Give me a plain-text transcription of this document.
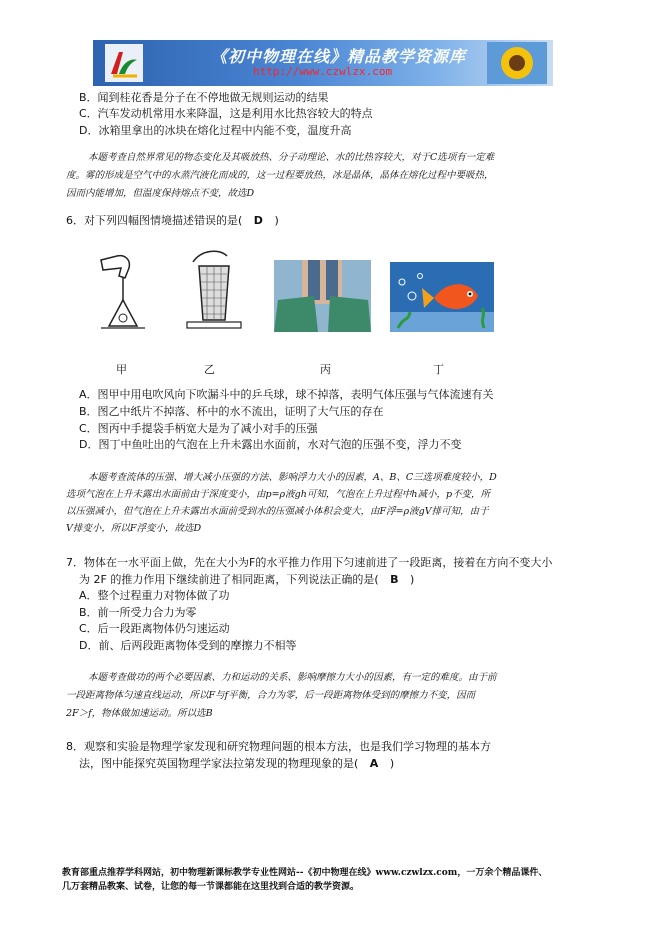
《初中物理在线》精品教学资源库
http://www.czwlzx.com
B．闻到桂花香是分子在不停地做无规则运动的结果
C．汽车发动机常用水来降温，这是利用水比热容较大的特点
D．冰箱里拿出的冰块在熔化过程中内能不变，温度升高
本题考查自然界常见的物态变化及其吸放热、分子动理论、水的比热容较大，对于C选项有一定难
度。雾的形成是空气中的水蒸汽液化而成的，这一过程要放热，冰是晶体，晶体在熔化过程中要吸热，
因而内能增加，但温度保持熔点不变，故选D
6．对下列四幅图情境描述错误的是( D )
甲	乙	丙	丁
A．图甲中用电吹风向下吹漏斗中的乒乓球，球不掉落，表明气体压强与气体流速有关
B．图乙中纸片不掉落、杯中的水不流出，证明了大气压的存在
C．图丙中手提袋手柄宽大是为了减小对手的压强
D．图丁中鱼吐出的气泡在上升未露出水面前，水对气泡的压强不变，浮力不变
本题考查流体的压强、增大减小压强的方法、影响浮力大小的因素，A、B、C三选项难度较小，D
选项气泡在上升未露出水面前由于深度变小，由p=ρ液gh可知，气泡在上升过程中h减小，p不变，所
以压强减小，但气泡在上升未露出水面前受到水的压强减小体积会变大，由F浮=ρ液gV排可知，由于
V排变小，所以F浮变小，故选D
7．物体在一水平面上做，先在大小为F的水平推力作用下匀速前进了一段距离，接着在方向不变大小
为 2F 的推力作用下继续前进了相同距离，下列说法正确的是( B )
A．整个过程重力对物体做了功
B．前一所受力合力为零
C．后一段距离物体仍匀速运动
D．前、后两段距离物体受到的摩擦力不相等
本题考查做功的两个必要因素、力和运动的关系、影响摩擦力大小的因素，有一定的难度。由于前
一段距离物体匀速直线运动，所以F与f平衡，合力为零，后一段距离物体受到的摩擦力不变，因而
2F＞f，物体做加速运动。所以选B
8．观察和实验是物理学家发现和研究物理问题的根本方法，也是我们学习物理的基本方
法，图中能探究英国物理学家法拉第发现的物理现象的是( A )
教育部重点推荐学科网站，初中物理新课标教学专业性网站--《初中物理在线》www.czwlzx.com，一万余个精品课件、
几万套精品教案、试卷，让您的每一节课都能在这里找到合适的教学资源。
